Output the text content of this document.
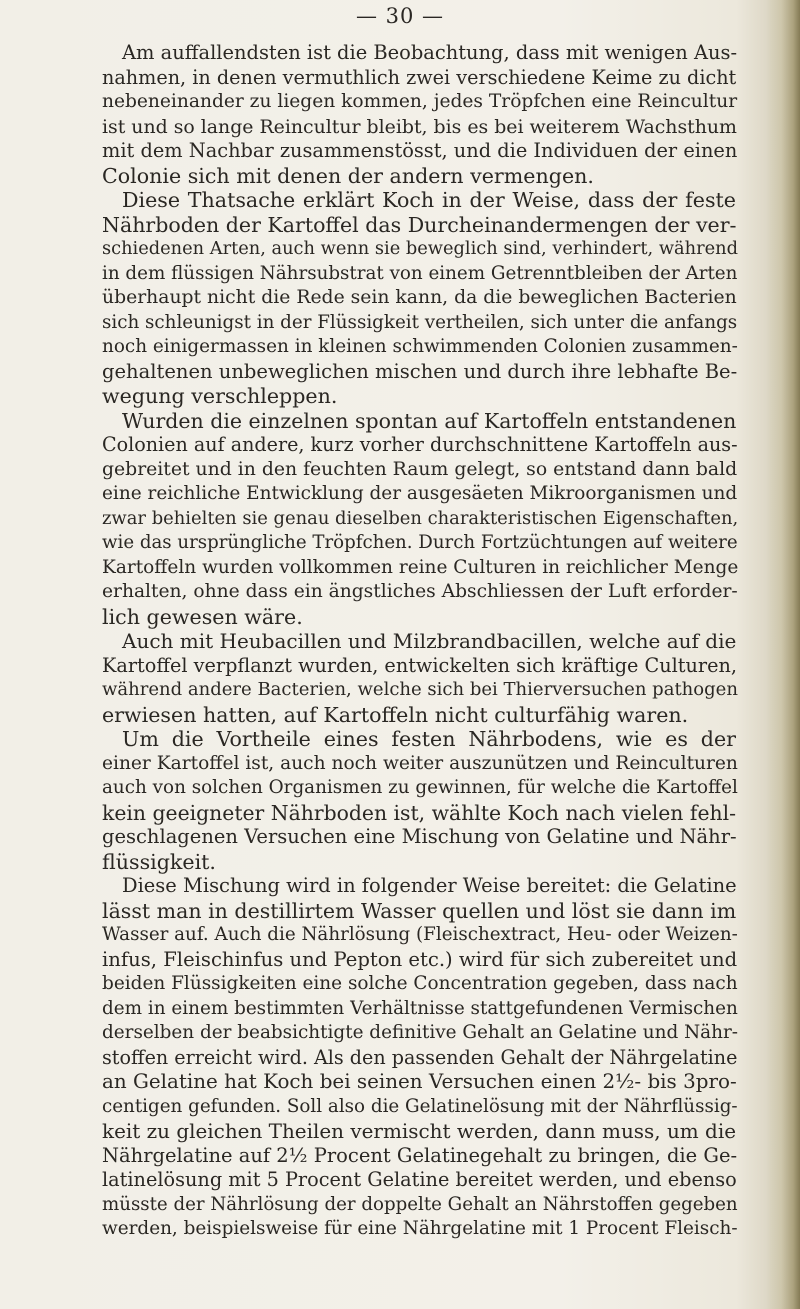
— 30 —
Am auffallendsten ist die Beobachtung, dass mit wenigen Aus-
nahmen, in denen vermuthlich zwei verschiedene Keime zu dicht
nebeneinander zu liegen kommen, jedes Tröpfchen eine Reincultur
ist und so lange Reincultur bleibt, bis es bei weiterem Wachsthum
mit dem Nachbar zusammenstösst, und die Individuen der einen
Colonie sich mit denen der andern vermengen.
Diese Thatsache erklärt Koch in der Weise, dass der feste
Nährboden der Kartoffel das Durcheinandermengen der ver-
schiedenen Arten, auch wenn sie beweglich sind, verhindert, während
in dem flüssigen Nährsubstrat von einem Getrenntbleiben der Arten
überhaupt nicht die Rede sein kann, da die beweglichen Bacterien
sich schleunigst in der Flüssigkeit vertheilen, sich unter die anfangs
noch einigermassen in kleinen schwimmenden Colonien zusammen-
gehaltenen unbeweglichen mischen und durch ihre lebhafte Be-
wegung verschleppen.
Wurden die einzelnen spontan auf Kartoffeln entstandenen
Colonien auf andere, kurz vorher durchschnittene Kartoffeln aus-
gebreitet und in den feuchten Raum gelegt, so entstand dann bald
eine reichliche Entwicklung der ausgesäeten Mikroorganismen und
zwar behielten sie genau dieselben charakteristischen Eigenschaften,
wie das ursprüngliche Tröpfchen. Durch Fortzüchtungen auf weitere
Kartoffeln wurden vollkommen reine Culturen in reichlicher Menge
erhalten, ohne dass ein ängstliches Abschliessen der Luft erforder-
lich gewesen wäre.
Auch mit Heubacillen und Milzbrandbacillen, welche auf die
Kartoffel verpflanzt wurden, entwickelten sich kräftige Culturen,
während andere Bacterien, welche sich bei Thierversuchen pathogen
erwiesen hatten, auf Kartoffeln nicht culturfähig waren.
Um die Vortheile eines festen Nährbodens, wie es der
einer Kartoffel ist, auch noch weiter auszunützen und Reinculturen
auch von solchen Organismen zu gewinnen, für welche die Kartoffel
kein geeigneter Nährboden ist, wählte Koch nach vielen fehl-
geschlagenen Versuchen eine Mischung von Gelatine und Nähr-
flüssigkeit.
Diese Mischung wird in folgender Weise bereitet: die Gelatine
lässt man in destillirtem Wasser quellen und löst sie dann im
Wasser auf. Auch die Nährlösung (Fleischextract, Heu- oder Weizen-
infus, Fleischinfus und Pepton etc.) wird für sich zubereitet und
beiden Flüssigkeiten eine solche Concentration gegeben, dass nach
dem in einem bestimmten Verhältnisse stattgefundenen Vermischen
derselben der beabsichtigte definitive Gehalt an Gelatine und Nähr-
stoffen erreicht wird. Als den passenden Gehalt der Nährgelatine
an Gelatine hat Koch bei seinen Versuchen einen 2½- bis 3pro-
centigen gefunden. Soll also die Gelatinelösung mit der Nährflüssig-
keit zu gleichen Theilen vermischt werden, dann muss, um die
Nährgelatine auf 2½ Procent Gelatinegehalt zu bringen, die Ge-
latinelösung mit 5 Procent Gelatine bereitet werden, und ebenso
müsste der Nährlösung der doppelte Gehalt an Nährstoffen gegeben
werden, beispielsweise für eine Nährgelatine mit 1 Procent Fleisch-
